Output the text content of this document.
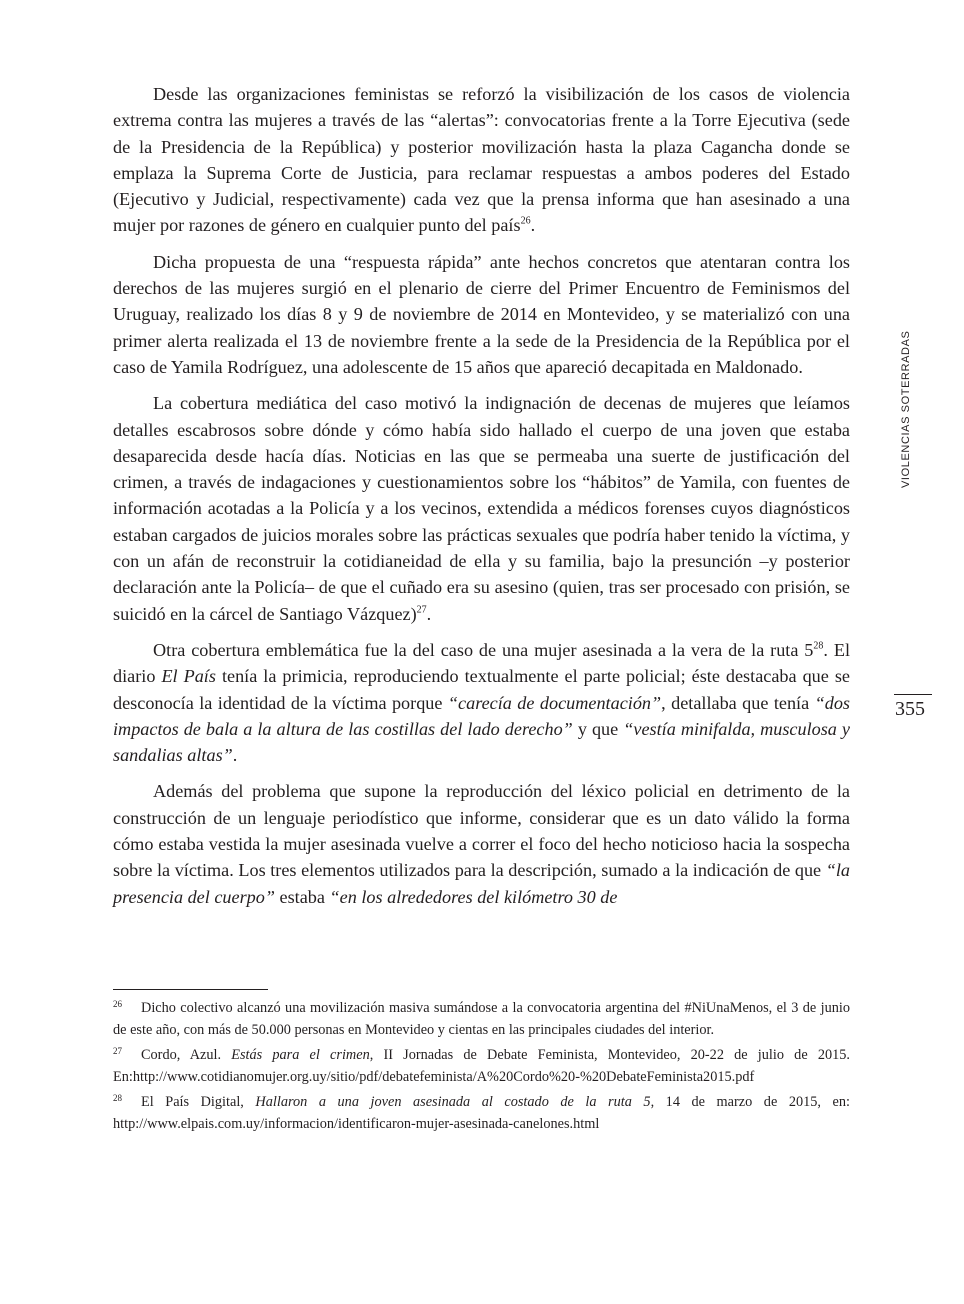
Desde las organizaciones feministas se reforzó la visibilización de los casos de violencia extrema contra las mujeres a través de las “alertas”: convocatorias frente a la Torre Ejecutiva (sede de la Presidencia de la República) y posterior movilización hasta la plaza Cagancha donde se emplaza la Suprema Corte de Justicia, para reclamar respuestas a ambos poderes del Estado (Ejecutivo y Judicial, respectivamente) cada vez que la prensa informa que han asesinado a una mujer por razones de género en cualquier punto del país$^{26}$.

Dicha propuesta de una “respuesta rápida” ante hechos concretos que atentaran contra los derechos de las mujeres surgió en el plenario de cierre del Primer Encuentro de Feminismos del Uruguay, realizado los días 8 y 9 de noviembre de 2014 en Montevideo, y se materializó con una primer alerta realizada el 13 de noviembre frente a la sede de la Presidencia de la República por el caso de Yamila Rodríguez, una adolescente de 15 años que apareció decapitada en Maldonado.

La cobertura mediática del caso motivó la indignación de decenas de mujeres que leíamos detalles escabrosos sobre dónde y cómo había sido hallado el cuerpo de una joven que estaba desaparecida desde hacía días. Noticias en las que se permeaba una suerte de justificación del crimen, a través de indagaciones y cuestionamientos sobre los “hábitos” de Yamila, con fuentes de información acotadas a la Policía y a los vecinos, extendida a médicos forenses cuyos diagnósticos estaban cargados de juicios morales sobre las prácticas sexuales que podría haber tenido la víctima, y con un afán de reconstruir la cotidianeidad de ella y su familia, bajo la presunción –y posterior declaración ante la Policía– de que el cuñado era su asesino (quien, tras ser procesado con prisión, se suicidó en la cárcel de Santiago Vázquez)$^{27}$.

Otra cobertura emblemática fue la del caso de una mujer asesinada a la vera de la ruta $5^{28}$. El diario El País tenía la primicia, reproduciendo textualmente el parte policial; éste destacaba que se desconocía la identidad de la víctima porque “carecía de documentación”, detallaba que tenía “dos impactos de bala a la altura de las costillas del lado derecho” y que “vestía minifalda, musculosa y sandalias altas”.

Además del problema que supone la reproducción del léxico policial en detrimento de la construcción de un lenguaje periodístico que informe, considerar que es un dato válido la forma cómo estaba vestida la mujer asesinada vuelve a correr el foco del hecho noticioso hacia la sospecha sobre la víctima. Los tres elementos utilizados para la descripción, sumado a la indicación de que “la presencia del cuerpo” estaba “en los alrededores del kilómetro 30 de

26 Dicho colectivo alcanzó una movilización masiva sumándose a la convocatoria argentina del #NiUnaMenos, el 3 de junio de este año, con más de 50.000 personas en Montevideo y cientas en las principales ciudades del interior.

27 Cordo, Azul. Estás para el crimen, II Jornadas de Debate Feminista, Montevideo, 20-22 de julio de 2015. En:http://www.cotidianomujer.org.uy/sitio/pdf/debatefeminista/A%20Cordo%20-%20DebateFeminista2015.pdf

28 El País Digital, Hallaron a una joven asesinada al costado de la ruta 5, 14 de marzo de 2015, en: http://www.elpais.com.uy/informacion/identificaron-mujer-asesinada-canelones.html

VIOLENCIAS SOTERRADAS
355
